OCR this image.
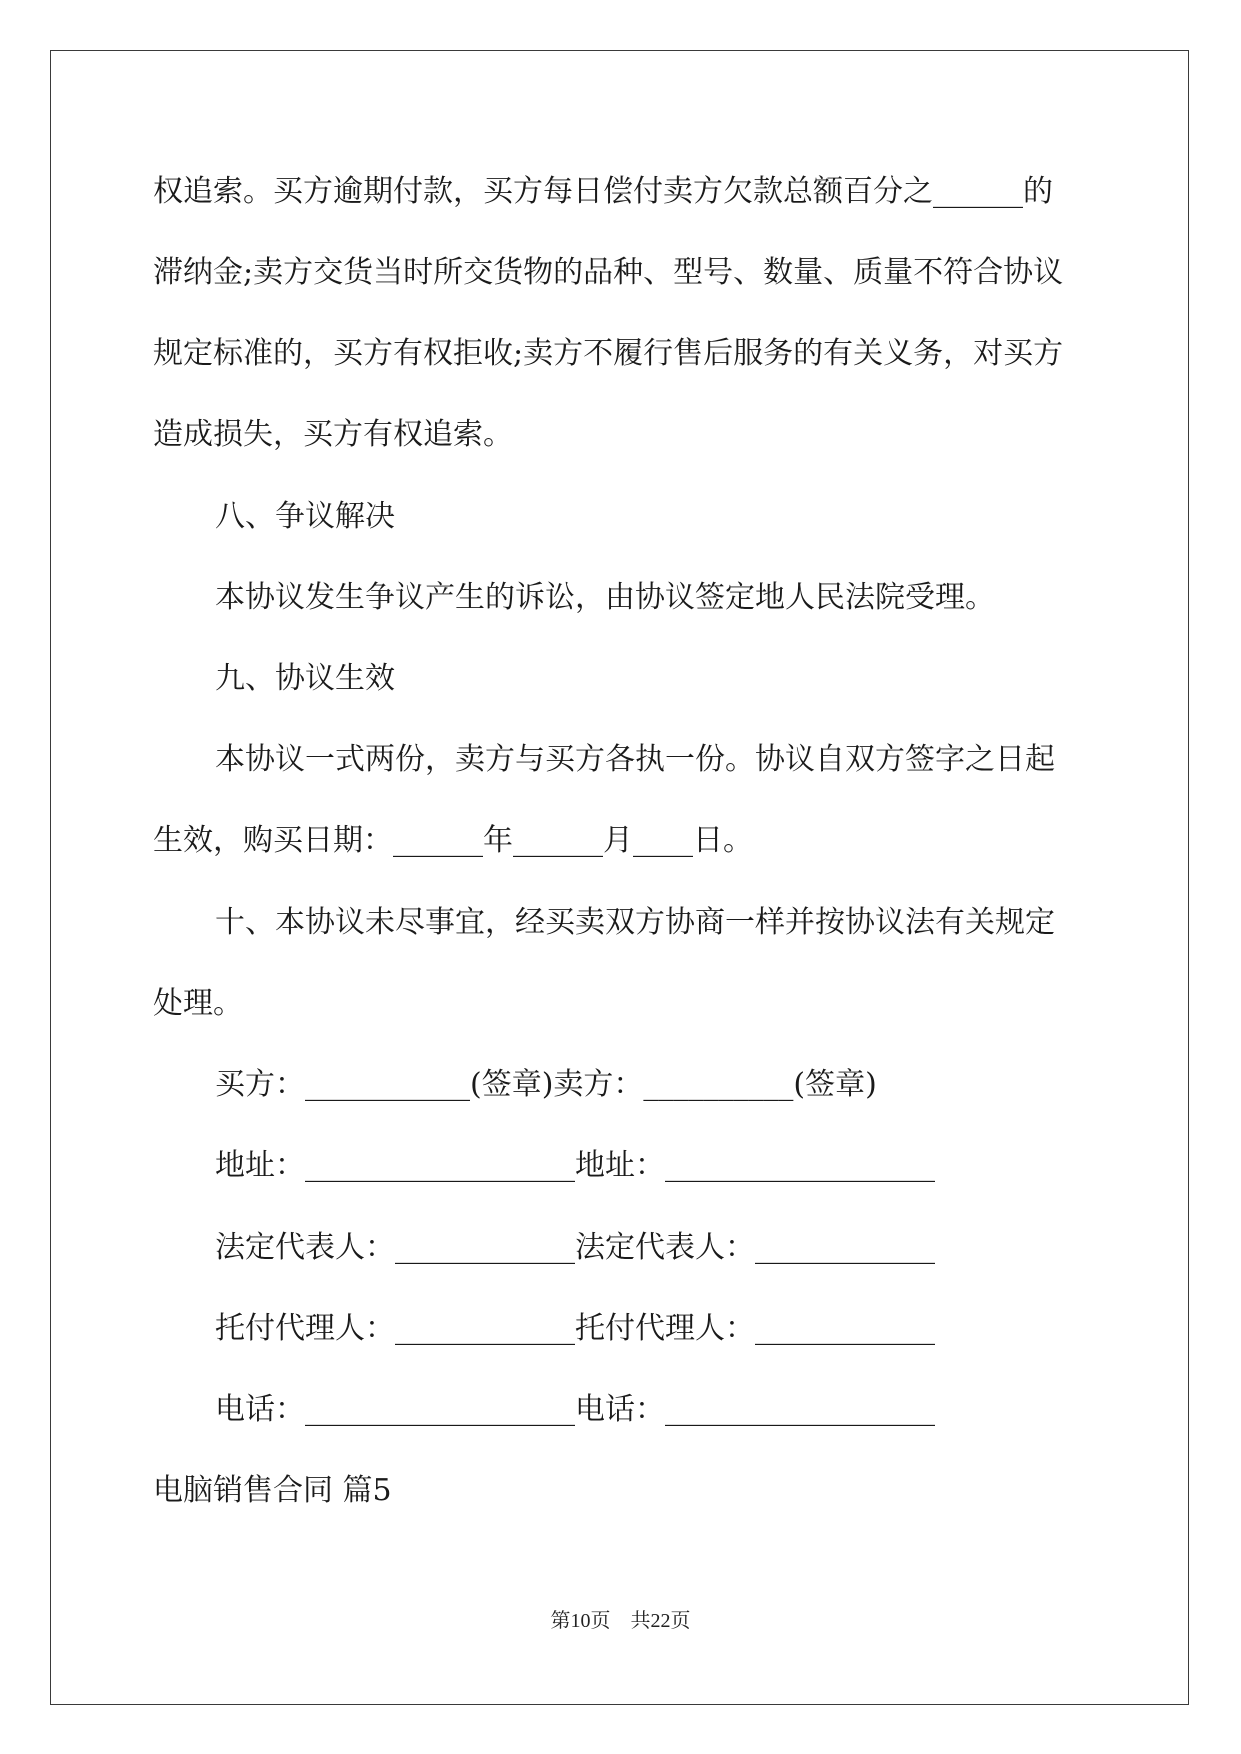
权追索。买方逾期付款，买方每日偿付卖方欠款总额百分之______的
滞纳金;卖方交货当时所交货物的品种、型号、数量、质量不符合协议
规定标准的，买方有权拒收;卖方不履行售后服务的有关义务，对买方
造成损失，买方有权追索。
八、争议解决
本协议发生争议产生的诉讼，由协议签定地人民法院受理。
九、协议生效
本协议一式两份，卖方与买方各执一份。协议自双方签字之日起
生效，购买日期：______年______月____日。
十、本协议未尽事宜，经买卖双方协商一样并按协议法有关规定
处理。
买方：___________(签章)卖方：__________(签章)
地址：__________________地址：__________________
法定代表人：____________法定代表人：____________
托付代理人：____________托付代理人：____________
电话：__________________电话：__________________
电脑销售合同 篇5
第10页　共22页
